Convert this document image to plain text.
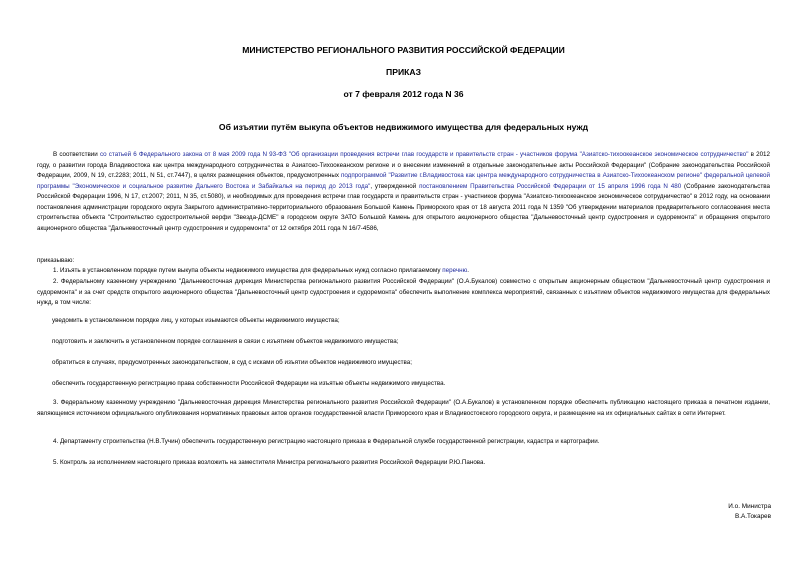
МИНИСТЕРСТВО РЕГИОНАЛЬНОГО РАЗВИТИЯ РОССИЙСКОЙ ФЕДЕРАЦИИ
ПРИКАЗ
от 7 февраля 2012 года N 36
Об изъятии путём выкупа объектов недвижимого имущества для федеральных нужд
В соответствии со статьей 6 Федерального закона от 8 мая 2009 года N 93-ФЗ "Об организации проведения встречи глав государств и правительств стран - участников форума "Азиатско-тихоокеанское экономическое сотрудничество" в 2012 году, о развитии города Владивостока как центра международного сотрудничества в Азиатско-Тихоокеанском регионе и о внесении изменений в отдельные законодательные акты Российской Федерации" (Собрание законодательства Российской Федерации, 2009, N 19, ст.2283; 2011, N 51, ст.7447), в целях размещения объектов, предусмотренных подпрограммой "Развитие г.Владивостока как центра международного сотрудничества в Азиатско-Тихоокеанском регионе" федеральной целевой программы "Экономическое и социальное развитие Дальнего Востока и Забайкалья на период до 2013 года", утвержденной постановлением Правительства Российской Федерации от 15 апреля 1996 года N 480 (Собрание законодательства Российской Федерации 1996, N 17, ст.2007; 2011, N 35, ст.5080), и необходимых для проведения встречи глав государств и правительств стран - участников форума "Азиатско-тихоокеанское экономическое сотрудничество" в 2012 году, на основании постановления администрации городского округа Закрытого административно-территориального образования Большой Камень Приморского края от 18 августа 2011 года N 1359 "Об утверждении материалов предварительного согласования места строительства объекта "Строительство судостроительной верфи "Звезда-ДСМЕ" в городском округе ЗАТО Большой Камень для открытого акционерного общества "Дальневосточный центр судостроения и судоремонта" и обращения открытого акционерного общества "Дальневосточный центр судостроения и судоремонта" от 12 октября 2011 года N 16/7-4586,
приказываю:
1. Изъять в установленном порядке путем выкупа объекты недвижимого имущества для федеральных нужд согласно прилагаемому перечню.
2. Федеральному казенному учреждению "Дальневосточная дирекция Министерства регионального развития Российской Федерации" (О.А.Букалов) совместно с открытым акционерным обществом "Дальневосточный центр судостроения и судоремонта" и за счет средств открытого акционерного общества "Дальневосточный центр судостроения и судоремонта" обеспечить выполнение комплекса мероприятий, связанных с изъятием объектов недвижимого имущества для федеральных нужд, в том числе:
уведомить в установленном порядке лиц, у которых изымаются объекты недвижимого имущества;
подготовить и заключить в установленном порядке соглашения в связи с изъятием объектов недвижимого имущества;
обратиться в случаях, предусмотренных законодательством, в суд с исками об изъятии объектов недвижимого имущества;
обеспечить государственную регистрацию права собственности Российской Федерации на изъятые объекты недвижимого имущества.
3. Федеральному казенному учреждению "Дальневосточная дирекция Министерства регионального развития Российской Федерации" (О.А.Букалов) в установленном порядке обеспечить публикацию настоящего приказа в печатном издании, являющемся источником официального опубликования нормативных правовых актов органов государственной власти Приморского края и Владивостокского городского округа, и размещение на их официальных сайтах в сети Интернет.
4. Департаменту строительства (Н.В.Тучин) обеспечить государственную регистрацию настоящего приказа в Федеральной службе государственной регистрации, кадастра и картографии.
5. Контроль за исполнением настоящего приказа возложить на заместителя Министра регионального развития Российской Федерации Р.Ю.Панова.
И.о. Министра
В.А.Токарев
